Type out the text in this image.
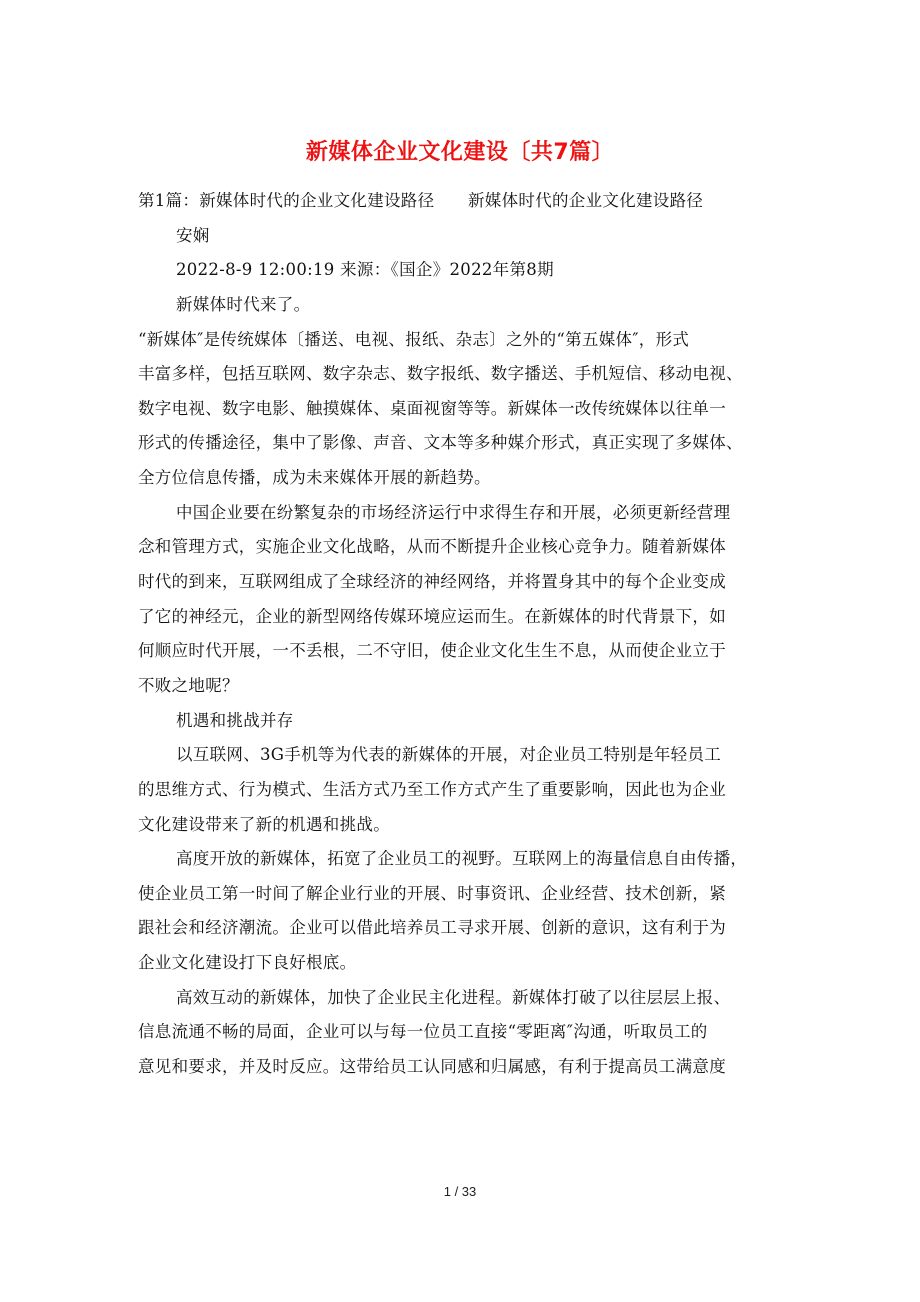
新媒体企业文化建设〔共7篇〕
第1篇：新媒体时代的企业文化建设路径　　新媒体时代的企业文化建设路径
安娴
2022-8-9 12:00:19 来源：《国企》2022年第8期
新媒体时代来了。
“新媒体″是传统媒体〔播送、电视、报纸、杂志〕之外的“第五媒体″，形式
丰富多样，包括互联网、数字杂志、数字报纸、数字播送、手机短信、移动电视、
数字电视、数字电影、触摸媒体、桌面视窗等等。新媒体一改传统媒体以往单一
形式的传播途径，集中了影像、声音、文本等多种媒介形式，真正实现了多媒体、
全方位信息传播，成为未来媒体开展的新趋势。
中国企业要在纷繁复杂的市场经济运行中求得生存和开展，必须更新经营理
念和管理方式，实施企业文化战略，从而不断提升企业核心竞争力。随着新媒体
时代的到来，互联网组成了全球经济的神经网络，并将置身其中的每个企业变成
了它的神经元，企业的新型网络传媒环境应运而生。在新媒体的时代背景下，如
何顺应时代开展，一不丢根，二不守旧，使企业文化生生不息，从而使企业立于
不败之地呢？
机遇和挑战并存
以互联网、3G手机等为代表的新媒体的开展，对企业员工特别是年轻员工
的思维方式、行为模式、生活方式乃至工作方式产生了重要影响，因此也为企业
文化建设带来了新的机遇和挑战。
高度开放的新媒体，拓宽了企业员工的视野。互联网上的海量信息自由传播，
使企业员工第一时间了解企业行业的开展、时事资讯、企业经营、技术创新，紧
跟社会和经济潮流。企业可以借此培养员工寻求开展、创新的意识，这有利于为
企业文化建设打下良好根底。
高效互动的新媒体，加快了企业民主化进程。新媒体打破了以往层层上报、
信息流通不畅的局面，企业可以与每一位员工直接“零距离″沟通，听取员工的
意见和要求，并及时反应。这带给员工认同感和归属感，有利于提高员工满意度
1 / 33
